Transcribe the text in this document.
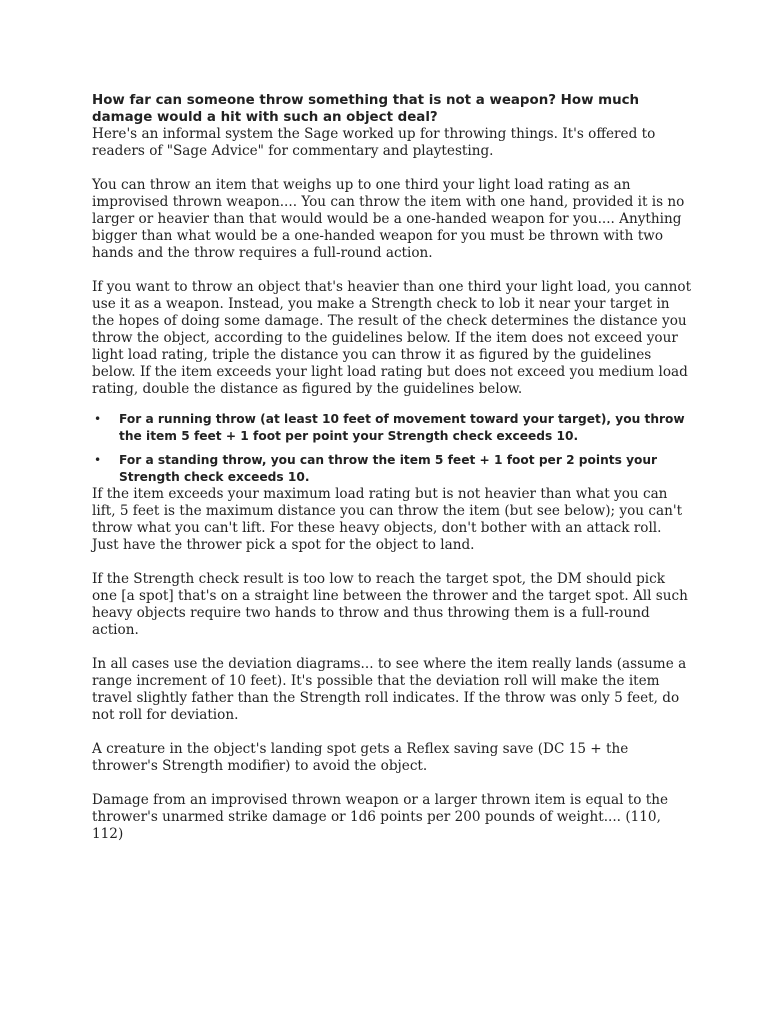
How far can someone throw something that is not a weapon? How much damage would a hit with such an object deal?

Here's an informal system the Sage worked up for throwing things. It's offered to readers of "Sage Advice" for commentary and playtesting.

You can throw an item that weighs up to one third your light load rating as an improvised thrown weapon.... You can throw the item with one hand, provided it is no larger or heavier than that would would be a one-handed weapon for you.... Anything bigger than what would be a one-handed weapon for you must be thrown with two hands and the throw requires a full-round action.

If you want to throw an object that's heavier than one third your light load, you cannot use it as a weapon. Instead, you make a Strength check to lob it near your target in the hopes of doing some damage. The result of the check determines the distance you throw the object, according to the guidelines below. If the item does not exceed your light load rating, triple the distance you can throw it as figured by the guidelines below. If the item exceeds your light load rating but does not exceed you medium load rating, double the distance as figured by the guidelines below.

• For a running throw (at least 10 feet of movement toward your target), you throw the item 5 feet + 1 foot per point your Strength check exceeds 10.
• For a standing throw, you can throw the item 5 feet + 1 foot per 2 points your Strength check exceeds 10.

If the item exceeds your maximum load rating but is not heavier than what you can lift, 5 feet is the maximum distance you can throw the item (but see below); you can't throw what you can't lift. For these heavy objects, don't bother with an attack roll. Just have the thrower pick a spot for the object to land.

If the Strength check result is too low to reach the target spot, the DM should pick one [a spot] that's on a straight line between the thrower and the target spot. All such heavy objects require two hands to throw and thus throwing them is a full-round action.

In all cases use the deviation diagrams... to see where the item really lands (assume a range increment of 10 feet). It's possible that the deviation roll will make the item travel slightly father than the Strength roll indicates. If the throw was only 5 feet, do not roll for deviation.

A creature in the object's landing spot gets a Reflex saving save (DC 15 + the thrower's Strength modifier) to avoid the object.

Damage from an improvised thrown weapon or a larger thrown item is equal to the thrower's unarmed strike damage or 1d6 points per 200 pounds of weight.... (110, 112)
